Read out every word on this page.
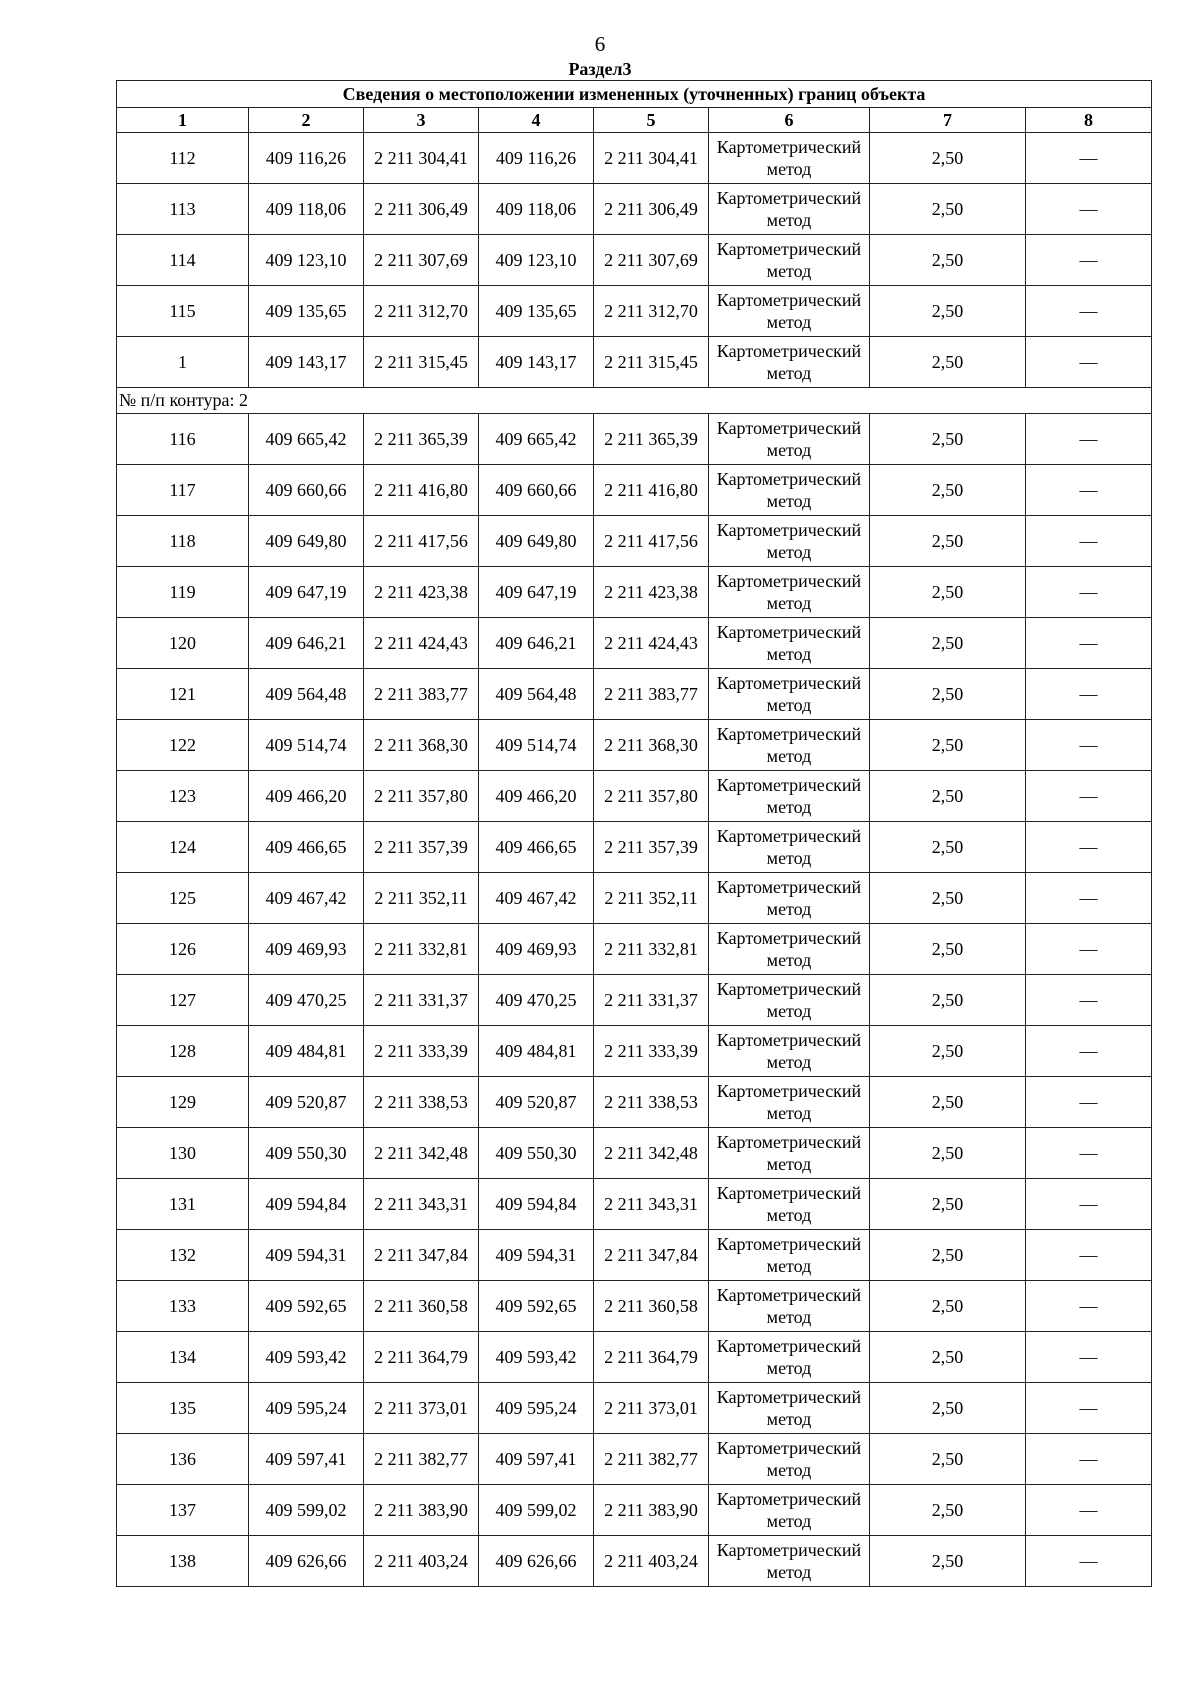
6
Раздел3
Сведения о местоположении измененных (уточненных) границ объекта							
1	2	3	4	5	6	7	8
112	409 116,26	2 211 304,41	409 116,26	2 211 304,41	Картометрический метод	2,50	—
113	409 118,06	2 211 306,49	409 118,06	2 211 306,49	Картометрический метод	2,50	—
114	409 123,10	2 211 307,69	409 123,10	2 211 307,69	Картометрический метод	2,50	—
115	409 135,65	2 211 312,70	409 135,65	2 211 312,70	Картометрический метод	2,50	—
1	409 143,17	2 211 315,45	409 143,17	2 211 315,45	Картометрический метод	2,50	—
№ п/п контура: 2							
116	409 665,42	2 211 365,39	409 665,42	2 211 365,39	Картометрический метод	2,50	—
117	409 660,66	2 211 416,80	409 660,66	2 211 416,80	Картометрический метод	2,50	—
118	409 649,80	2 211 417,56	409 649,80	2 211 417,56	Картометрический метод	2,50	—
119	409 647,19	2 211 423,38	409 647,19	2 211 423,38	Картометрический метод	2,50	—
120	409 646,21	2 211 424,43	409 646,21	2 211 424,43	Картометрический метод	2,50	—
121	409 564,48	2 211 383,77	409 564,48	2 211 383,77	Картометрический метод	2,50	—
122	409 514,74	2 211 368,30	409 514,74	2 211 368,30	Картометрический метод	2,50	—
123	409 466,20	2 211 357,80	409 466,20	2 211 357,80	Картометрический метод	2,50	—
124	409 466,65	2 211 357,39	409 466,65	2 211 357,39	Картометрический метод	2,50	—
125	409 467,42	2 211 352,11	409 467,42	2 211 352,11	Картометрический метод	2,50	—
126	409 469,93	2 211 332,81	409 469,93	2 211 332,81	Картометрический метод	2,50	—
127	409 470,25	2 211 331,37	409 470,25	2 211 331,37	Картометрический метод	2,50	—
128	409 484,81	2 211 333,39	409 484,81	2 211 333,39	Картометрический метод	2,50	—
129	409 520,87	2 211 338,53	409 520,87	2 211 338,53	Картометрический метод	2,50	—
130	409 550,30	2 211 342,48	409 550,30	2 211 342,48	Картометрический метод	2,50	—
131	409 594,84	2 211 343,31	409 594,84	2 211 343,31	Картометрический метод	2,50	—
132	409 594,31	2 211 347,84	409 594,31	2 211 347,84	Картометрический метод	2,50	—
133	409 592,65	2 211 360,58	409 592,65	2 211 360,58	Картометрический метод	2,50	—
134	409 593,42	2 211 364,79	409 593,42	2 211 364,79	Картометрический метод	2,50	—
135	409 595,24	2 211 373,01	409 595,24	2 211 373,01	Картометрический метод	2,50	—
136	409 597,41	2 211 382,77	409 597,41	2 211 382,77	Картометрический метод	2,50	—
137	409 599,02	2 211 383,90	409 599,02	2 211 383,90	Картометрический метод	2,50	—
138	409 626,66	2 211 403,24	409 626,66	2 211 403,24	Картометрический метод	2,50	—
